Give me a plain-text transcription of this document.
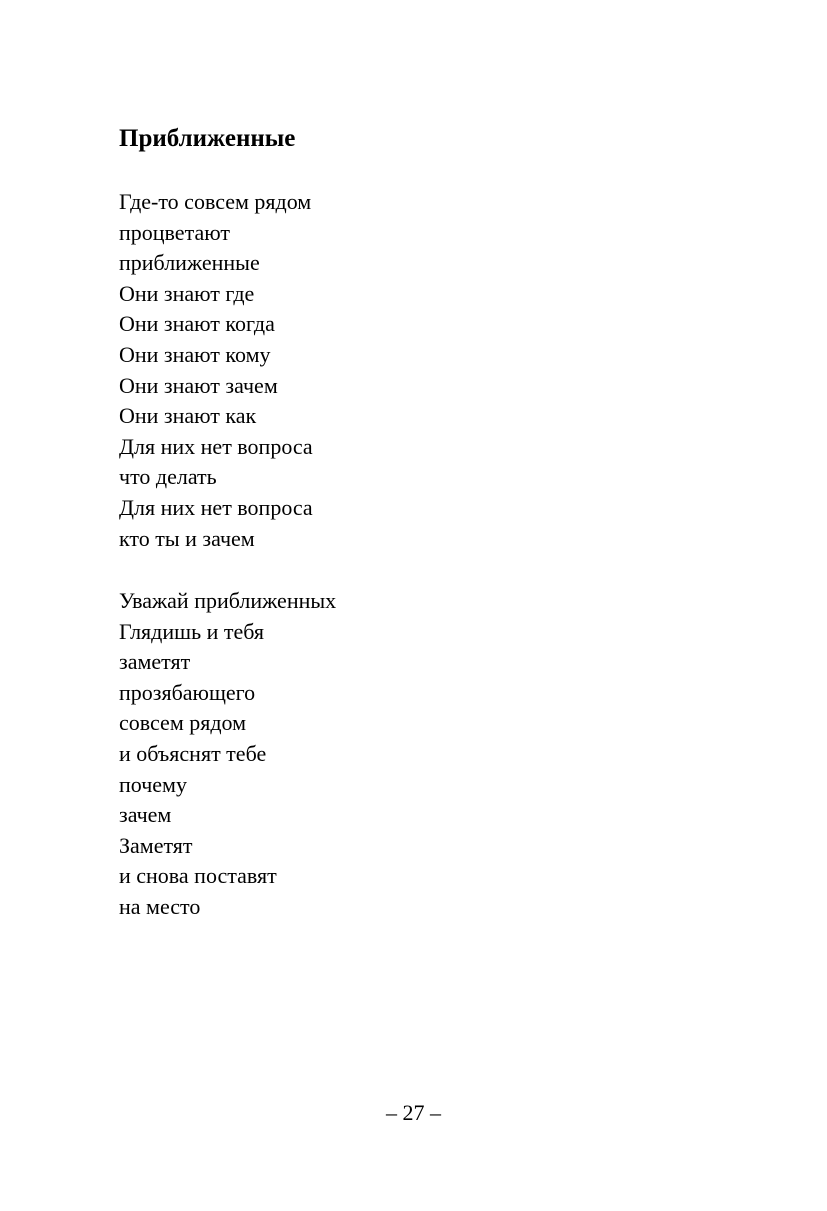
Приближенные
Где-то совсем рядом
процветают
приближенные
Они знают где
Они знают когда
Они знают кому
Они знают зачем
Они знают как
Для них нет вопроса
что делать
Для них нет вопроса
кто ты и зачем
Уважай приближенных
Глядишь и тебя
заметят
прозябающего
совсем рядом
и объяснят тебе
почему
зачем
Заметят
и снова поставят
на место
– 27 –
